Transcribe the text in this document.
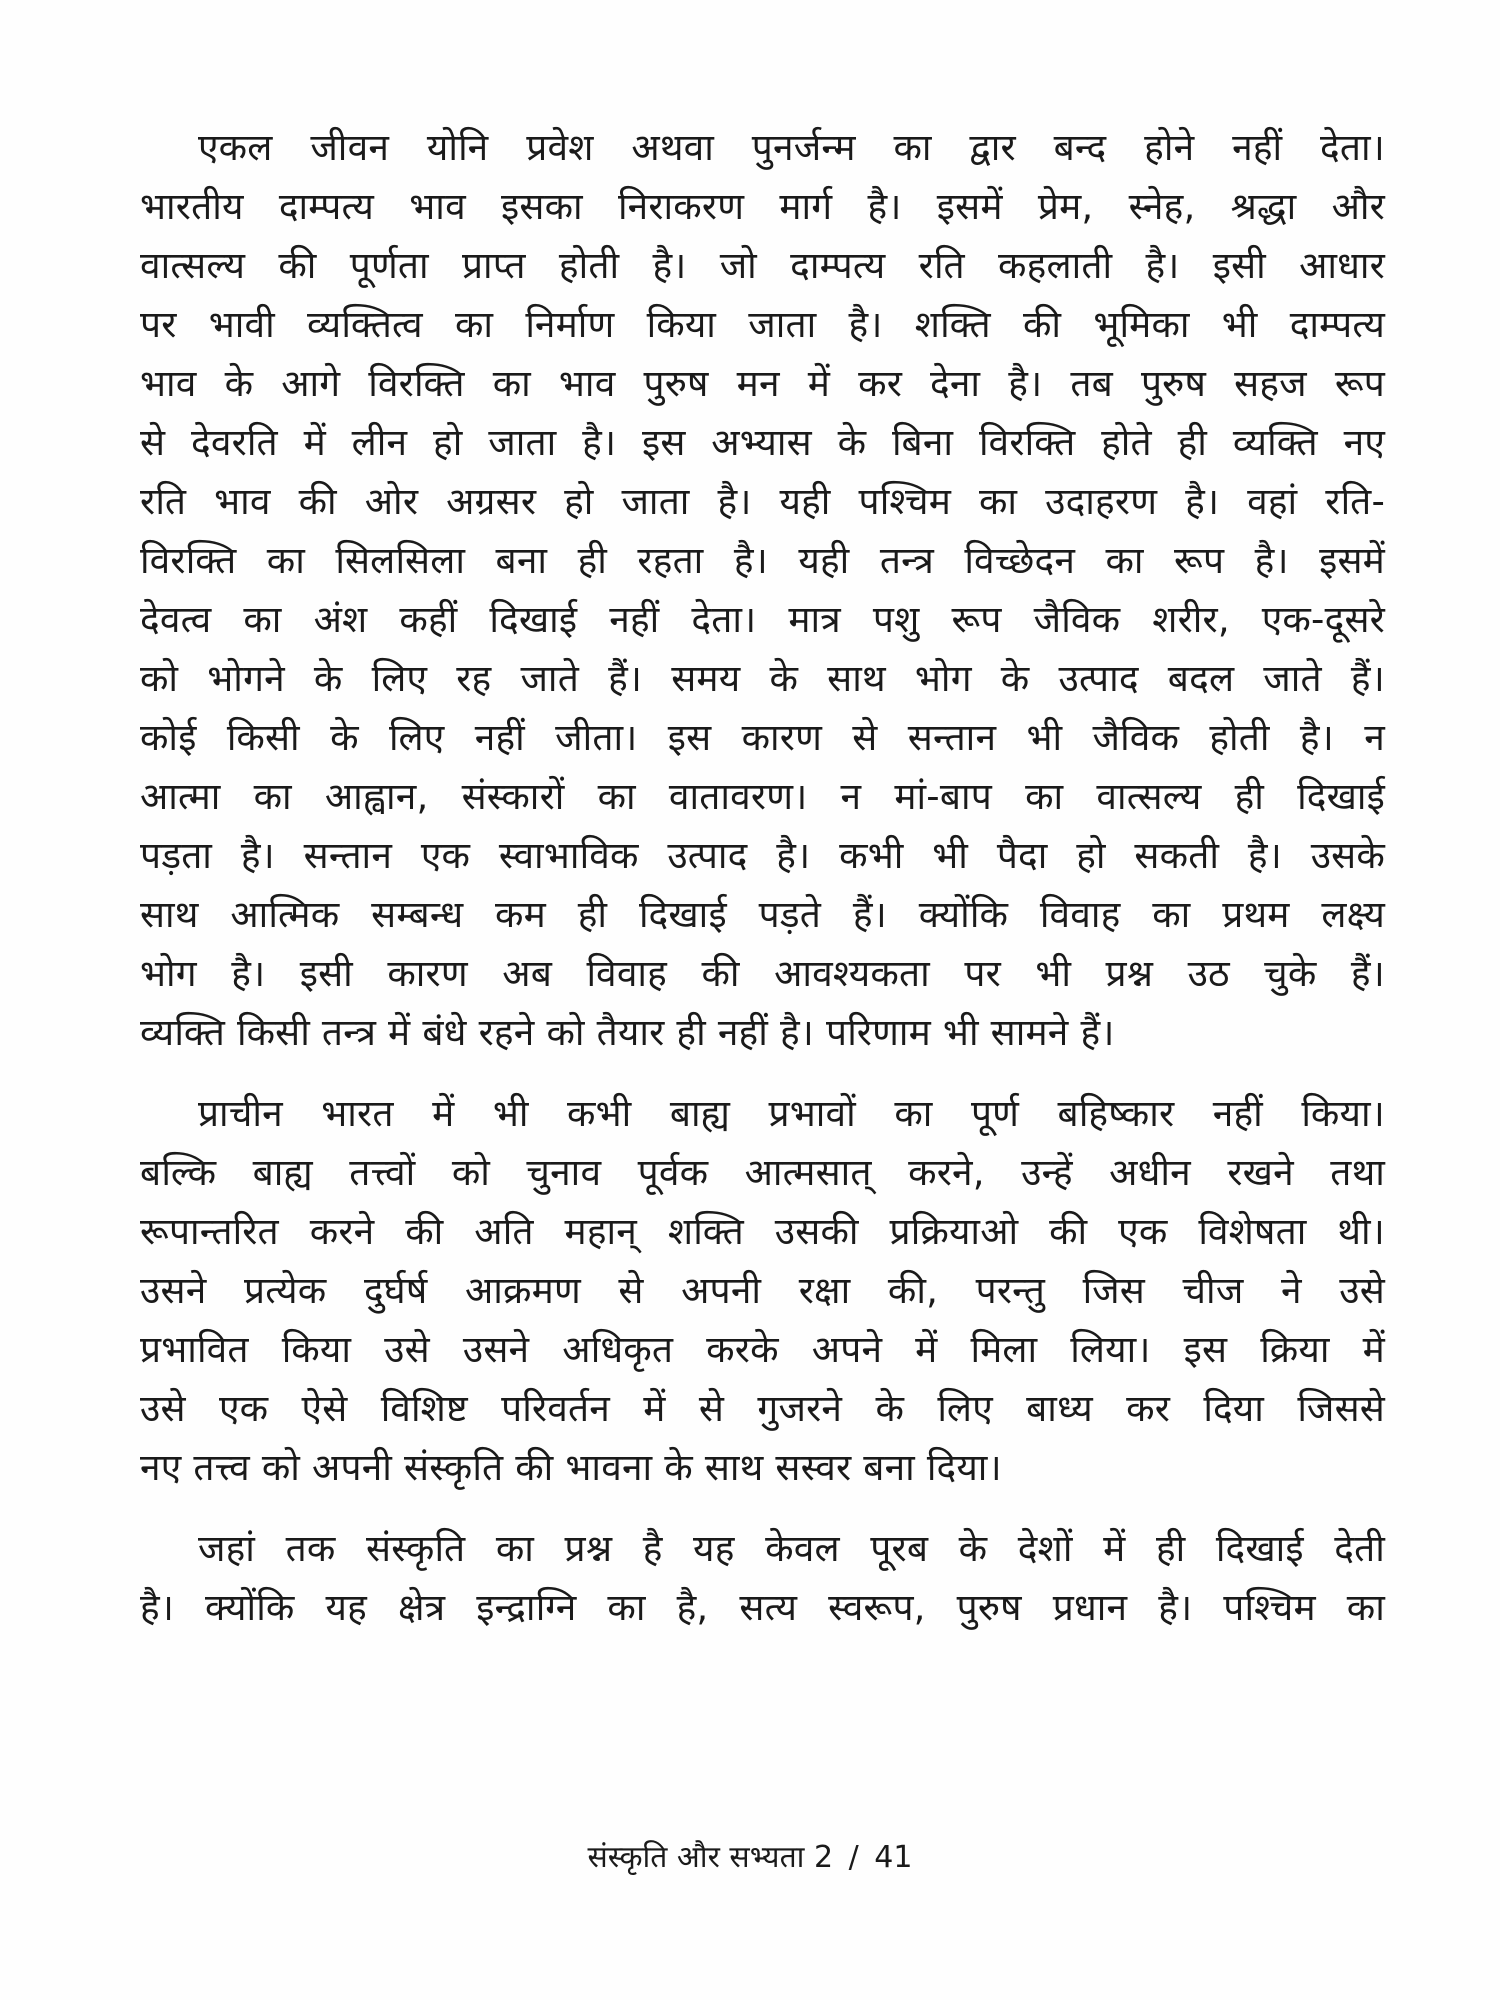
एकल जीवन योनि प्रवेश अथवा पुनर्जन्म का द्वार बन्द होने नहीं देता।
भारतीय दाम्पत्य भाव इसका निराकरण मार्ग है। इसमें प्रेम, स्नेह, श्रद्धा और
वात्सल्य की पूर्णता प्राप्त होती है। जो दाम्पत्य रति कहलाती है। इसी आधार
पर भावी व्यक्तित्व का निर्माण किया जाता है। शक्ति की भूमिका भी दाम्पत्य
भाव के आगे विरक्ति का भाव पुरुष मन में कर देना है। तब पुरुष सहज रूप
से देवरति में लीन हो जाता है। इस अभ्यास के बिना विरक्ति होते ही व्यक्ति नए
रति भाव की ओर अग्रसर हो जाता है। यही पश्चिम का उदाहरण है। वहां रति-
विरक्ति का सिलसिला बना ही रहता है। यही तन्त्र विच्छेदन का रूप है। इसमें
देवत्व का अंश कहीं दिखाई नहीं देता। मात्र पशु रूप जैविक शरीर, एक-दूसरे
को भोगने के लिए रह जाते हैं। समय के साथ भोग के उत्पाद बदल जाते हैं।
कोई किसी के लिए नहीं जीता। इस कारण से सन्तान भी जैविक होती है। न
आत्मा का आह्वान, संस्कारों का वातावरण। न मां-बाप का वात्सल्य ही दिखाई
पड़ता है। सन्तान एक स्वाभाविक उत्पाद है। कभी भी पैदा हो सकती है। उसके
साथ आत्मिक सम्बन्ध कम ही दिखाई पड़ते हैं। क्योंकि विवाह का प्रथम लक्ष्य
भोग है। इसी कारण अब विवाह की आवश्यकता पर भी प्रश्न उठ चुके हैं।
व्यक्ति किसी तन्त्र में बंधे रहने को तैयार ही नहीं है। परिणाम भी सामने हैं।
प्राचीन भारत में भी कभी बाह्य प्रभावों का पूर्ण बहिष्कार नहीं किया।
बल्कि बाह्य तत्त्वों को चुनाव पूर्वक आत्मसात् करने, उन्हें अधीन रखने तथा
रूपान्तरित करने की अति महान् शक्ति उसकी प्रक्रियाओ की एक विशेषता थी।
उसने प्रत्येक दुर्घर्ष आक्रमण से अपनी रक्षा की, परन्तु जिस चीज ने उसे
प्रभावित किया उसे उसने अधिकृत करके अपने में मिला लिया। इस क्रिया में
उसे एक ऐसे विशिष्ट परिवर्तन में से गुजरने के लिए बाध्य कर दिया जिससे
नए तत्त्व को अपनी संस्कृति की भावना के साथ सस्वर बना दिया।
जहां तक संस्कृति का प्रश्न है यह केवल पूरब के देशों में ही दिखाई देती
है। क्योंकि यह क्षेत्र इन्द्राग्नि का है, सत्य स्वरूप, पुरुष प्रधान है। पश्चिम का
संस्कृति और सभ्यता 2 / 41
